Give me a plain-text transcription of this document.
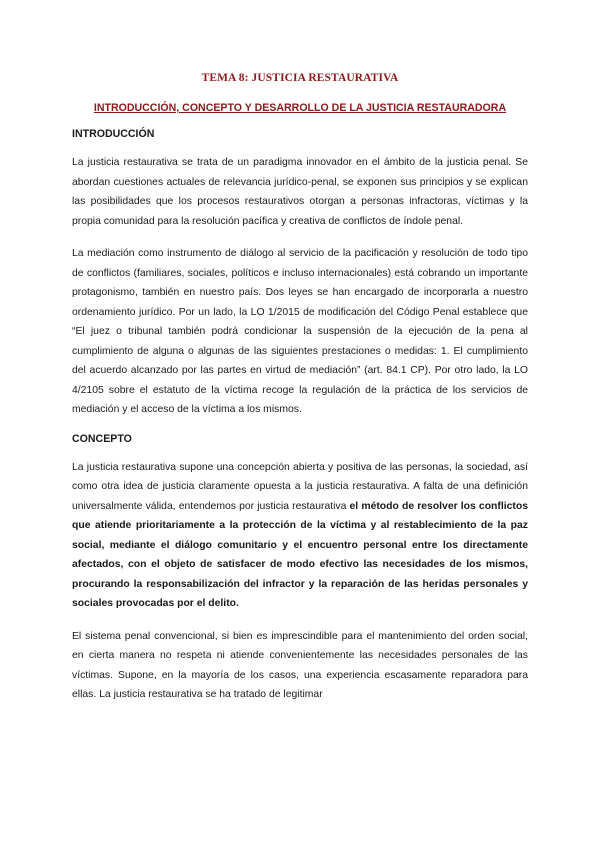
TEMA 8: JUSTICIA RESTAURATIVA
INTRODUCCIÓN, CONCEPTO Y DESARROLLO DE LA JUSTICIA RESTAURADORA
INTRODUCCIÓN

La justicia restaurativa se trata de un paradigma innovador en el ámbito de la justicia penal. Se abordan cuestiones actuales de relevancia jurídico-penal, se exponen sus principios y se explican las posibilidades que los procesos restaurativos otorgan a personas infractoras, víctimas y la propia comunidad para la resolución pacífica y creativa de conflictos de índole penal.

La mediación como instrumento de diálogo al servicio de la pacificación y resolución de todo tipo de conflictos (familiares, sociales, políticos e incluso internacionales) está cobrando un importante protagonismo, también en nuestro país. Dos leyes se han encargado de incorporarla a nuestro ordenamiento jurídico. Por un lado, la LO 1/2015 de modificación del Código Penal establece que “El juez o tribunal también podrá condicionar la suspensión de la ejecución de la pena al cumplimiento de alguna o algunas de las siguientes prestaciones o medidas: 1. El cumplimiento del acuerdo alcanzado por las partes en virtud de mediación” (art. 84.1 CP). Por otro lado, la LO 4/2105 sobre el estatuto de la víctima recoge la regulación de la práctica de los servicios de mediación y el acceso de la víctima a los mismos.

CONCEPTO

La justicia restaurativa supone una concepción abierta y positiva de las personas, la sociedad, así como otra idea de justicia claramente opuesta a la justicia restaurativa. A falta de una definición universalmente válida, entendemos por justicia restaurativa el método de resolver los conflictos que atiende prioritariamente a la protección de la víctima y al restablecimiento de la paz social, mediante el diálogo comunitario y el encuentro personal entre los directamente afectados, con el objeto de satisfacer de modo efectivo las necesidades de los mismos, procurando la responsabilización del infractor y la reparación de las heridas personales y sociales provocadas por el delito.

El sistema penal convencional, si bien es imprescindible para el mantenimiento del orden social, en cierta manera no respeta ni atiende convenientemente las necesidades personales de las víctimas. Supone, en la mayoría de los casos, una experiencia escasamente reparadora para ellas. La justicia restaurativa se ha tratado de legitimar
